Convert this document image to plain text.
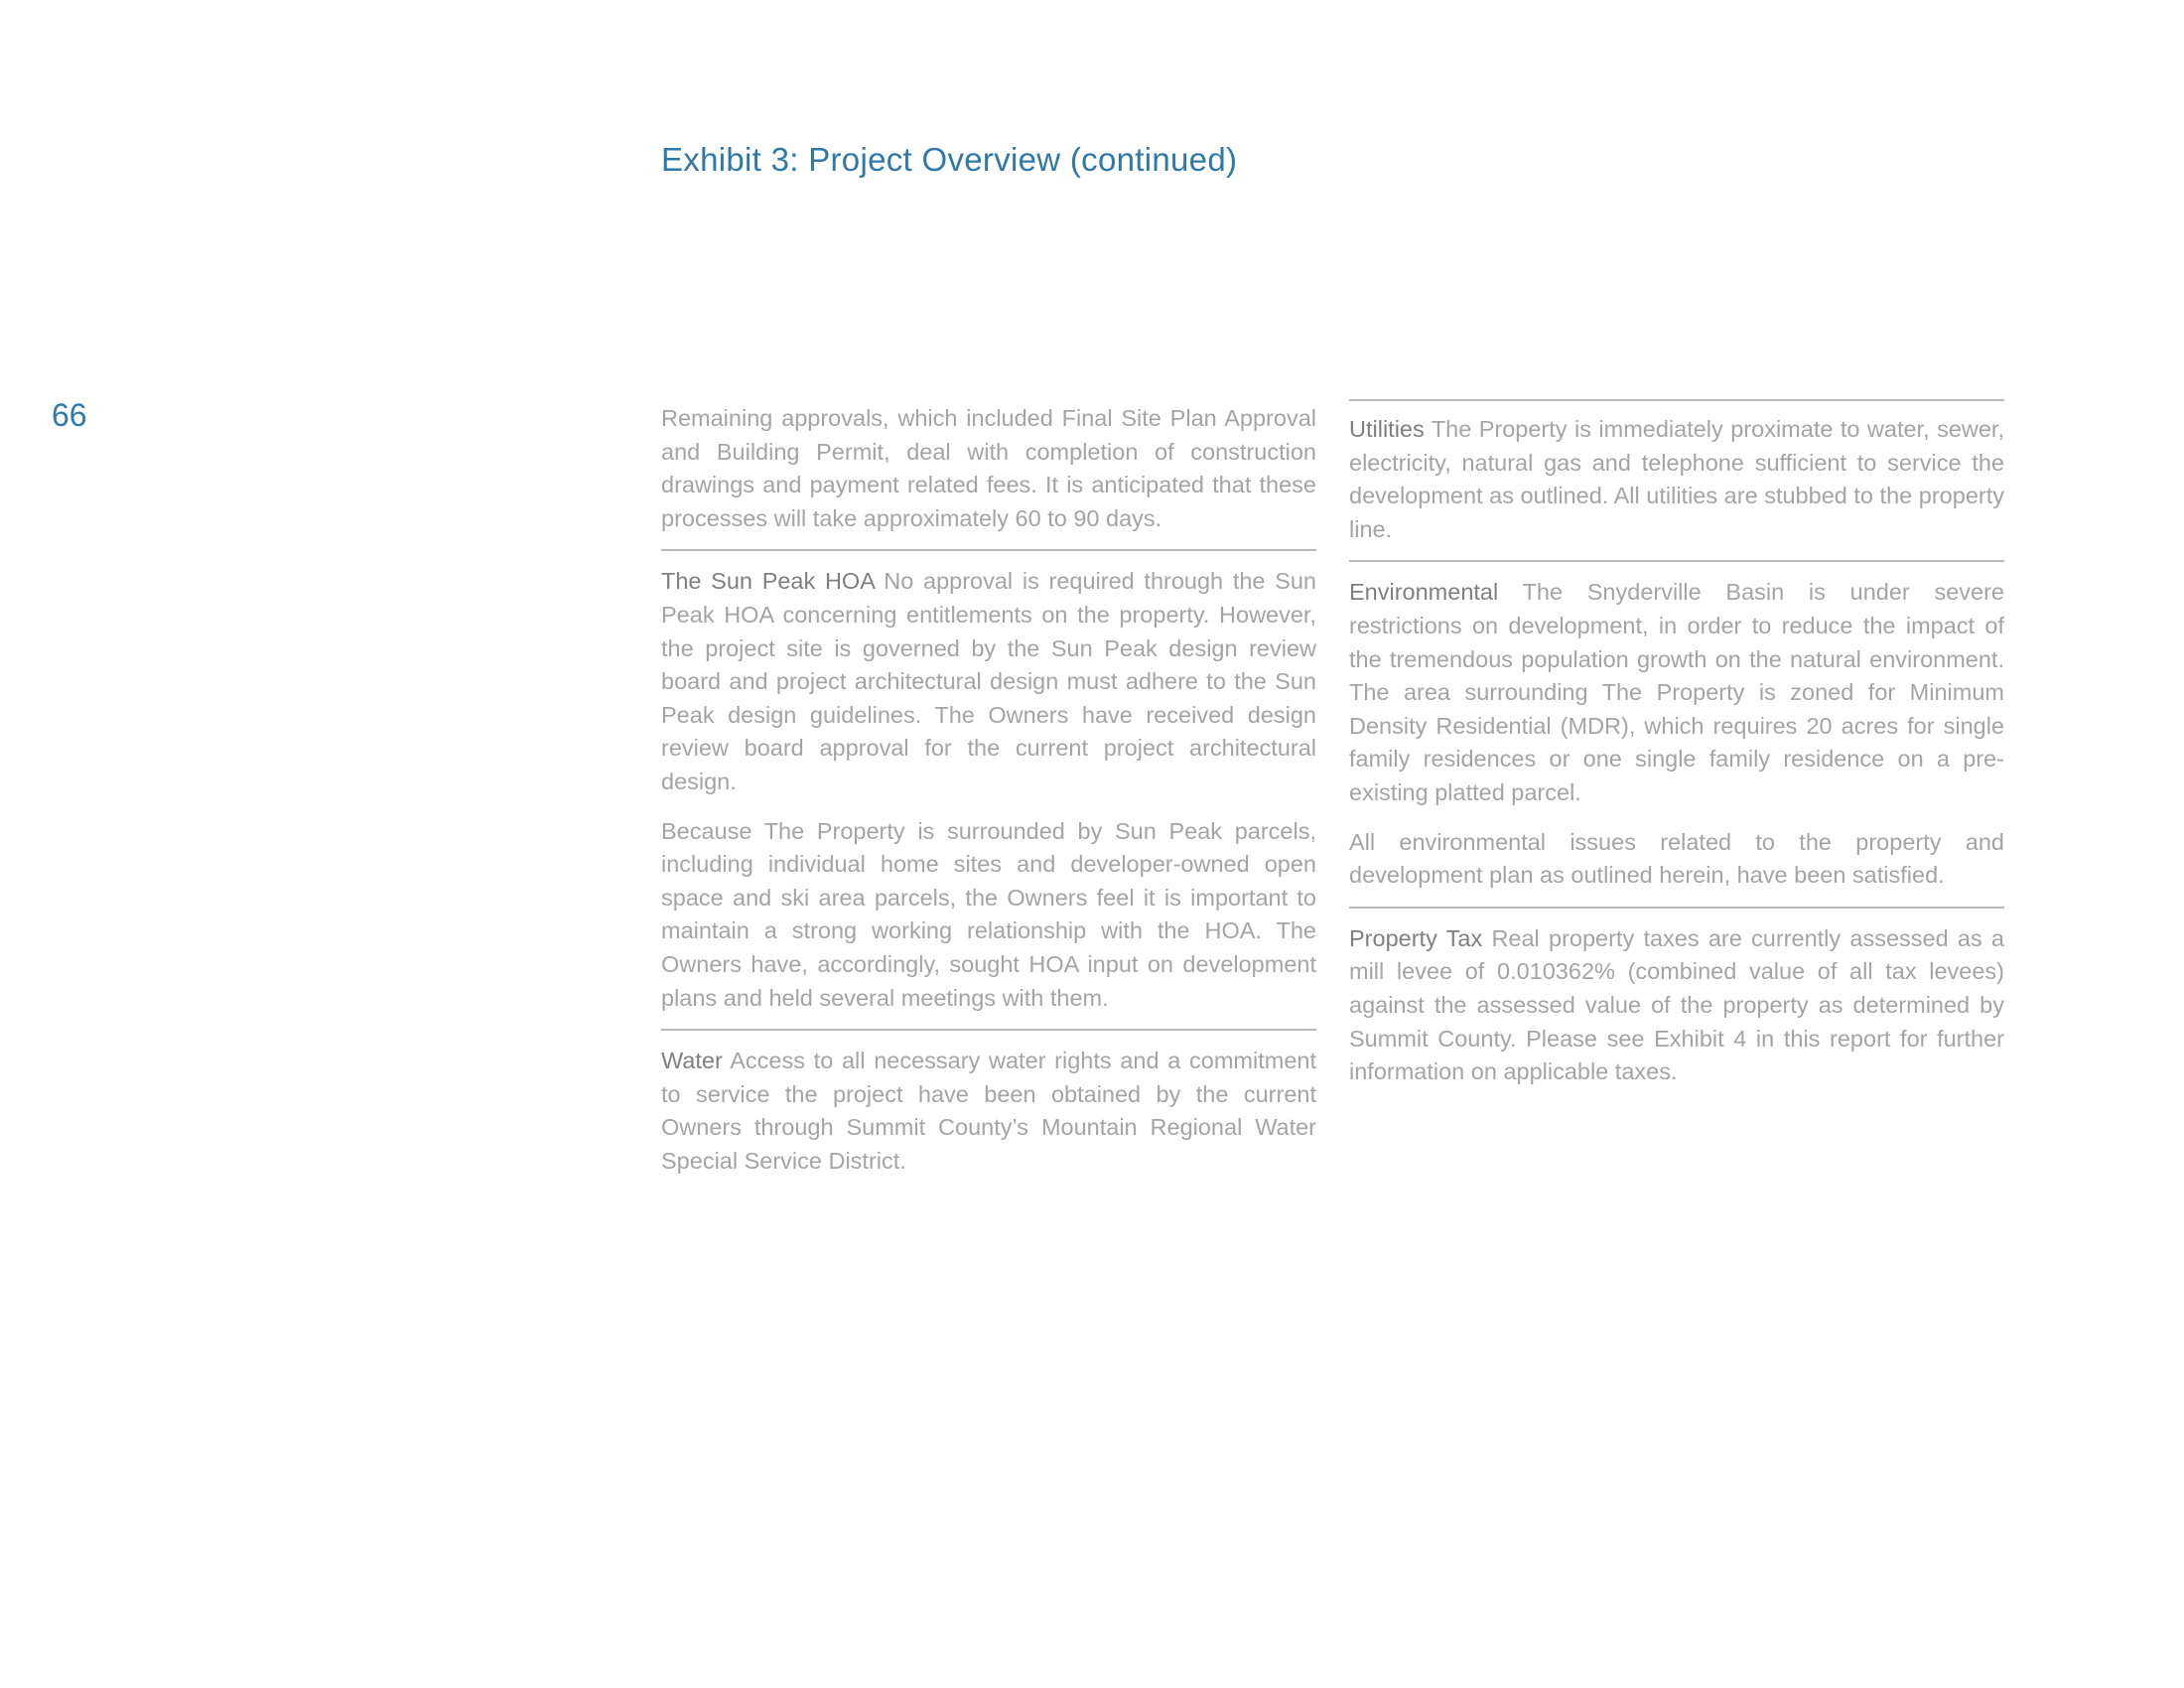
Exhibit 3: Project Overview (continued)
66	Remaining approvals, which included Final Site Plan Approval and Building Permit, deal with completion of construction drawings and payment related fees. It is anticipated that these processes will take approximately 60 to 90 days.

The Sun Peak HOA No approval is required through the Sun Peak HOA concerning entitlements on the property. However, the project site is governed by the Sun Peak design review board and project architectural design must adhere to the Sun Peak design guidelines. The Owners have received design review board approval for the current project architectural design.

Because The Property is surrounded by Sun Peak parcels, including individual home sites and developer-owned open space and ski area parcels, the Owners feel it is important to maintain a strong working relationship with the HOA. The Owners have, accordingly, sought HOA input on development plans and held several meetings with them.

Water Access to all necessary water rights and a commitment to service the project have been obtained by the current Owners through Summit County’s Mountain Regional Water Special Service District.

Utilities The Property is immediately proximate to water, sewer, electricity, natural gas and telephone sufficient to service the development as outlined. All utilities are stubbed to the property line.

Environmental The Snyderville Basin is under severe restrictions on development, in order to reduce the impact of the tremendous population growth on the natural environment. The area surrounding The Property is zoned for Minimum Density Residential (MDR), which requires 20 acres for single family residences or one single family residence on a pre-existing platted parcel.

All environmental issues related to the property and development plan as outlined herein, have been satisfied.

Property Tax Real property taxes are currently assessed as a mill levee of 0.010362% (combined value of all tax levees) against the assessed value of the property as determined by Summit County. Please see Exhibit 4 in this report for further information on applicable taxes.
